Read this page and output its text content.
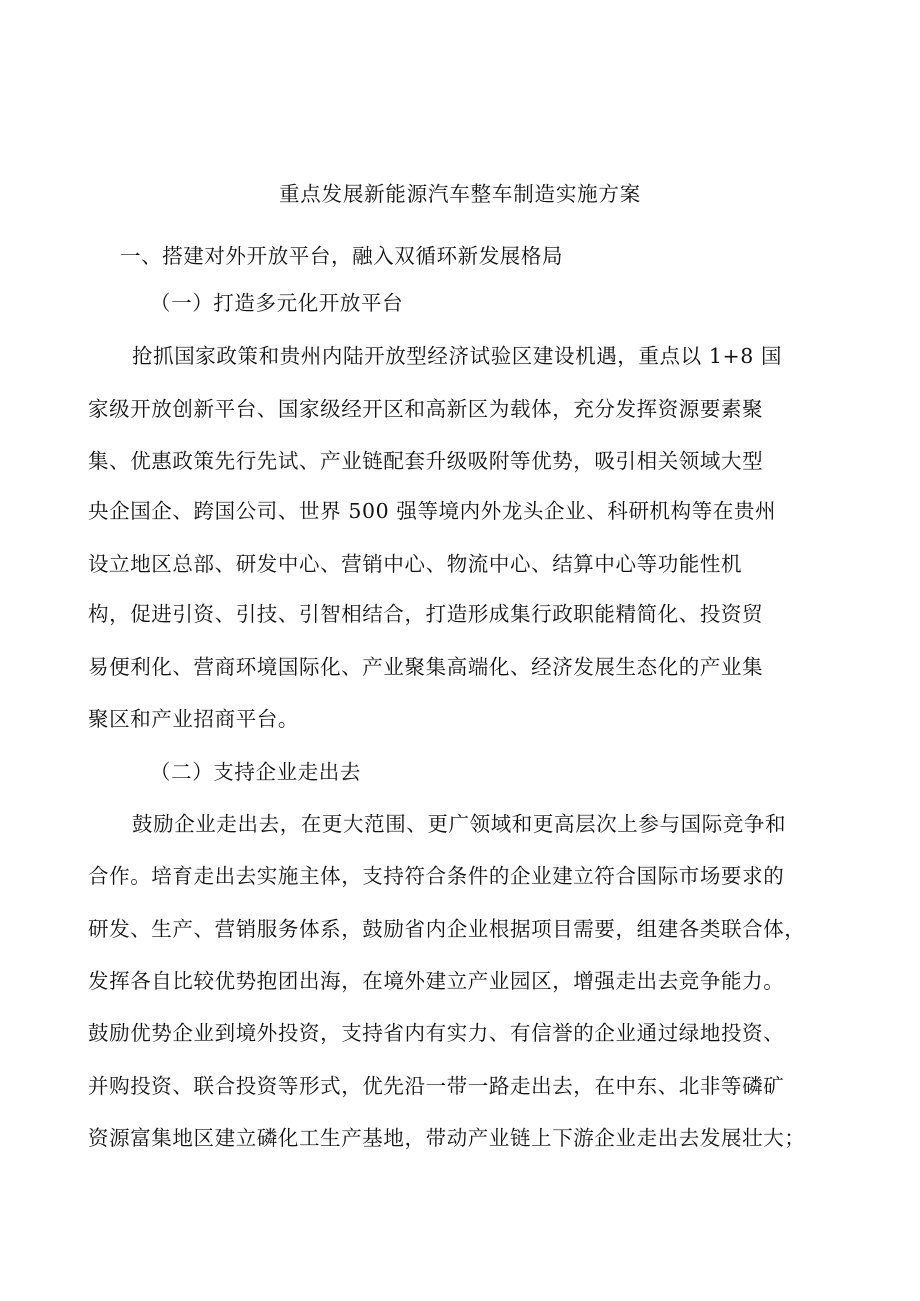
重点发展新能源汽车整车制造实施方案
一、搭建对外开放平台，融入双循环新发展格局
（一）打造多元化开放平台
抢抓国家政策和贵州内陆开放型经济试验区建设机遇，重点以 1+8 国
家级开放创新平台、国家级经开区和高新区为载体，充分发挥资源要素聚
集、优惠政策先行先试、产业链配套升级吸附等优势，吸引相关领域大型
央企国企、跨国公司、世界 500 强等境内外龙头企业、科研机构等在贵州
设立地区总部、研发中心、营销中心、物流中心、结算中心等功能性机
构，促进引资、引技、引智相结合，打造形成集行政职能精简化、投资贸
易便利化、营商环境国际化、产业聚集高端化、经济发展生态化的产业集
聚区和产业招商平台。
（二）支持企业走出去
鼓励企业走出去，在更大范围、更广领域和更高层次上参与国际竞争和
合作。培育走出去实施主体，支持符合条件的企业建立符合国际市场要求的
研发、生产、营销服务体系，鼓励省内企业根据项目需要，组建各类联合体，
发挥各自比较优势抱团出海，在境外建立产业园区，增强走出去竞争能力。
鼓励优势企业到境外投资，支持省内有实力、有信誉的企业通过绿地投资、
并购投资、联合投资等形式，优先沿一带一路走出去，在中东、北非等磷矿
资源富集地区建立磷化工生产基地，带动产业链上下游企业走出去发展壮大；
